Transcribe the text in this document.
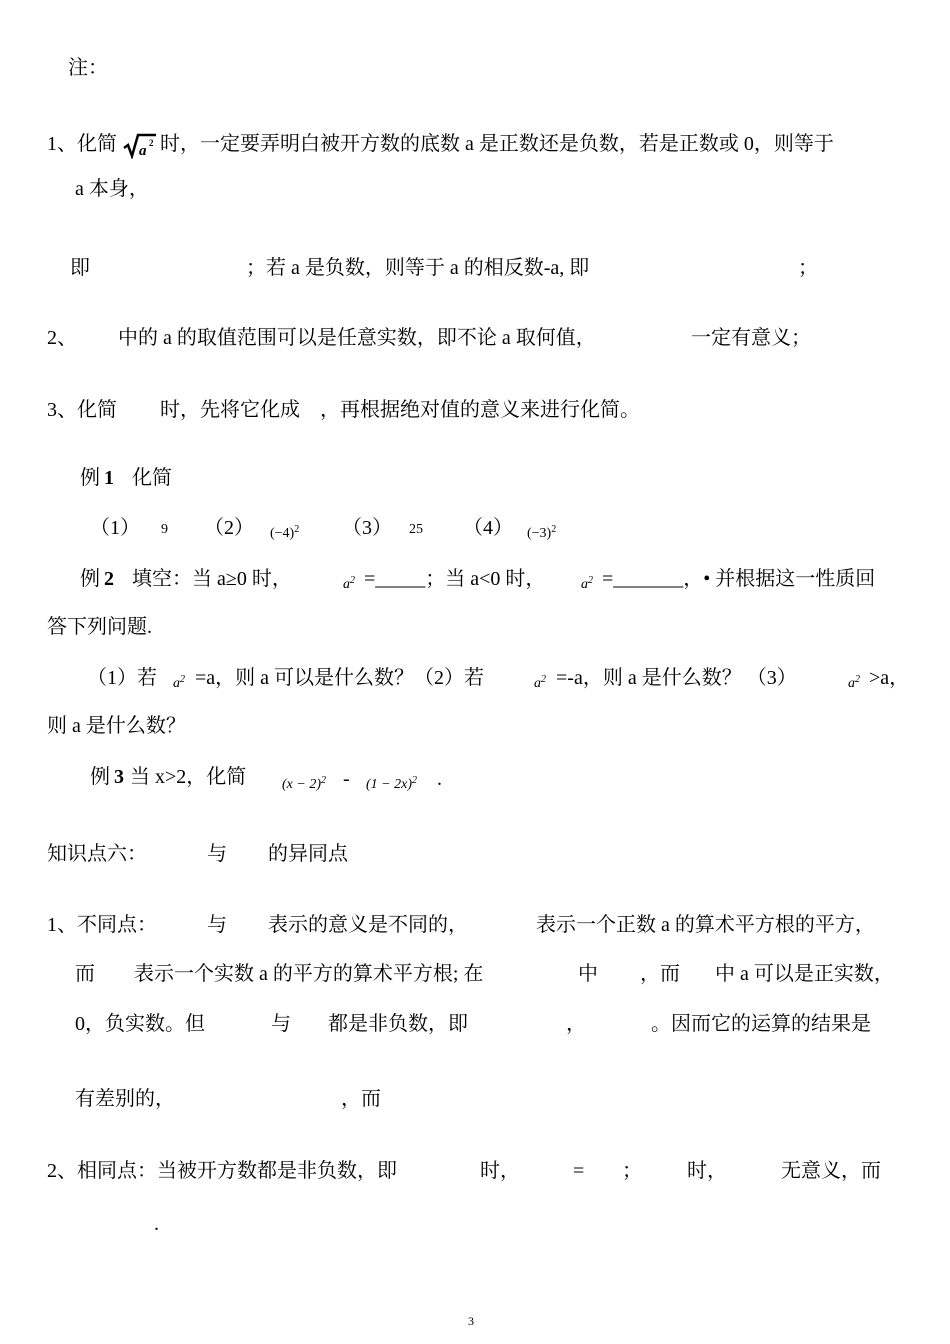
注：
1、化简 a 2 时，一定要弄明白被开方数的底数 a 是正数还是负数，若是正数或 0，则等于
a 本身，
即	；若 a 是负数，则等于 a 的相反数-a, 即	；
2、 中的 a 的取值范围可以是任意实数，即不论 a 取何值，	一定有意义；
3、化简 时，先将它化成 ，再根据绝对值的意义来进行化简。
例 1 化简
（1） 9 （2） $(-4)^2$ （3） 25 （4） $(-3)^2$
例 2 填空：当 a≥0 时，	$a^2$ =_____；当 a<0 时，	$a^2$ =_______，• 并根据这一性质回
答下列问题.
（1）若 $a^2 =a$，则 a 可以是什么数？（2）若	$a^2 =-a$，则 a 是什么数？ （3）	$a^2 >a$，
则 a 是什么数？
例 3 当 x>2，化简	$(x - 2)^2 - (1 - 2x)^2$ .
知识点六：	与 的异同点
1、不同点：	与 表示的意义是不同的，	表示一个正数 a 的算术平方根的平方，
而 表示一个实数 a 的平方的算术平方根; 在	中 ，而 中 a 可以是正实数，
0，负实数。但	与 都是非负数，即	，	。因而它的运算的结果是
有差别的，	，而
2、相同点：当被开方数都是非负数，即	时，	= ； 时，	无意义，而
.
3
